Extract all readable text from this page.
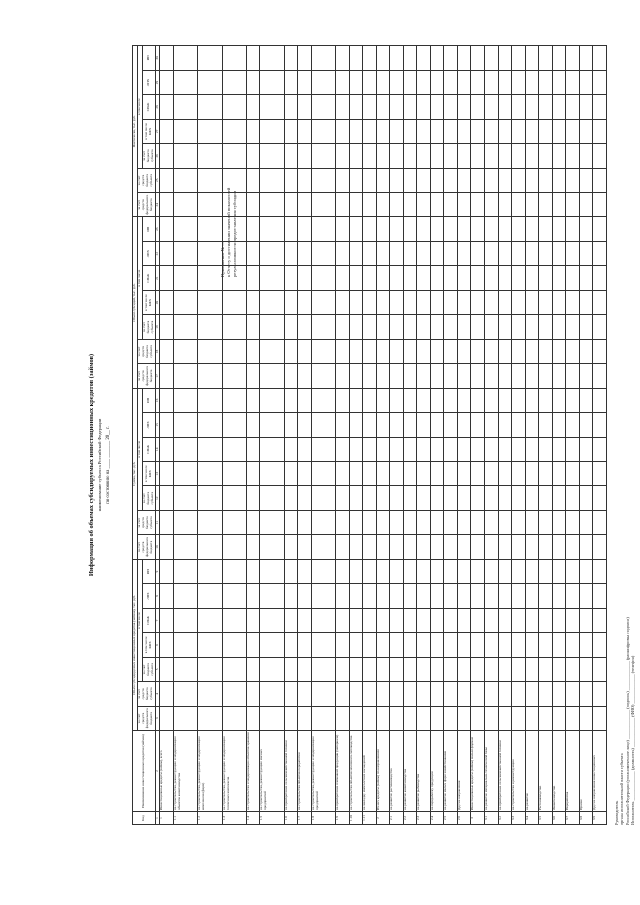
Приложение № ... к Отчету о достижении значений показателей результативности предоставления субсидии
Информация об объемах субсидируемых инвестиционных кредитов (займов) наименование субъекта Российской Федерации по состоянию на ____ _______ 20__ г.
Код	Наименование инвестиционных кредитов (займов)	Объем субсидируемых инвестиционных кредитов (займов), тыс. руб.							Сумма, тыс. руб.							Объем субсидий, тыс. руб.							Фактически, тыс. руб.						
		за счет средств федерального бюджета	за счет средств бюджета субъекта	в том числе					за счет средств федерального бюджета	за счет средств бюджета субъекта	в том числе					за счет средств федерального бюджета	за счет средств бюджета субъекта	в том числе					за счет средств федерального бюджета	за счет средств бюджета субъекта	в том числе				
				за счет бюджета субъекта	в том числе КФХ	СПоК	ЛПХ	ИП			за счет бюджета субъекта	в том числе КФХ	СПоК	ЛПХ	ИП			за счет бюджета субъекта	в том числе КФХ	СПоК	ЛПХ	ИП			за счет бюджета субъекта	в том числе КФХ	СПоК	ЛПХ	ИП
1	2	3	4	5	6	7	8	9	10	11	12	13	14	15	16	17	18	19	20	21	22	23	24	25	26	27	28	29	30
1	Инвестиционные кредиты (займы), всего																												
1.1	на строительство, реконструкцию и модернизацию объектов животноводства																												
1.2	на строительство, реконструкцию и модернизацию комплексов (ферм)																												
1.3	на строительство, реконструкцию и модернизацию тепличных комплексов																												
1.4	на строительство и модернизацию объектов хранения																												
1.5	на строительство, реконструкцию мясных предприятий																												
1.6	на приобретение сельскохозяйственной техники																												
1.7	на строительство объектов переработки																												
1.8	на строительство, реконструкцию и модернизацию предприятий																												
1.9	на приобретение племенной продукции (материала)																												
1.10	на строительство объектов молочного скотоводства																												
1.11	на закладку многолетних насаждений																												
2	Из них кредиты (займы) по направлениям																												
2.1	на развитие растениеводства																												
2.2	на развитие животноводства																												
2.3	на развитие рыбоводства																												
2.4	на переработку продукции																												
2.5	на развитие малых форм хозяйствования																												
2.6	Другие направления																												
3	Инвестиционные кредиты (займы) малым формам																												
3.1	на развитие материально-технической базы																												
3.2	на приобретение сельскохозяйственной техники																												
3.3	на строительство и реконструкцию																												
3.4	на развитие																												
3.5	Растениеводство																												
3.6	Животноводство																												
3.7	Переработка																												
3.8	Прочие																												
3.9	Другие направления инвестиционных																												
Руководитель органа исполнительной власти субъекта Российской Федерации (уполномоченное лицо) ______________ (подпись) ______________ (расшифровка подписи) Исполнитель ______________ (должность) ______________ (ФИО) ______________ (телефон)
